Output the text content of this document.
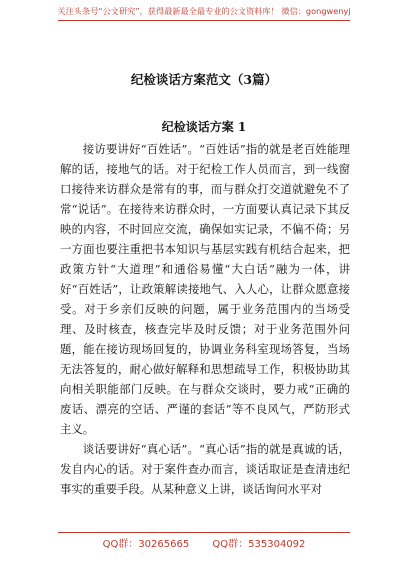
关注头条号“公文研究”，获得最新最全最专业的公文资料库！ 微信：gongwenyj
纪检谈话方案范文（3篇）
纪检谈话方案 1

接访要讲好“百姓话”。“百姓话”指的就是老百姓能理解的话，接地气的话。对于纪检工作人员而言，到一线窗口接待来访群众是常有的事，而与群众打交道就避免不了常“说话”。在接待来访群众时，一方面要认真记录下其反映的内容，不时回应交流，确保如实记录，不偏不倚；另一方面也要注重把书本知识与基层实践有机结合起来，把政策方针“大道理”和通俗易懂“大白话”融为一体，讲好“百姓话”，让政策解读接地气、入人心，让群众愿意接受。对于乡亲们反映的问题，属于业务范围内的当场受理、及时核查，核查完毕及时反馈；对于业务范围外问题，能在接访现场回复的，协调业务科室现场答复，当场无法答复的，耐心做好解释和思想疏导工作，积极协助其向相关职能部门反映。在与群众交谈时，要力戒“正确的废话、漂亮的空话、严谨的套话”等不良风气，严防形式主义。

谈话要讲好“真心话”。“真心话”指的就是真诚的话，发自内心的话。对于案件查办而言，谈话取证是查清违纪事实的重要手段。从某种意义上讲，谈话询问水平对

QQ群：30265665 QQ群：535304092
